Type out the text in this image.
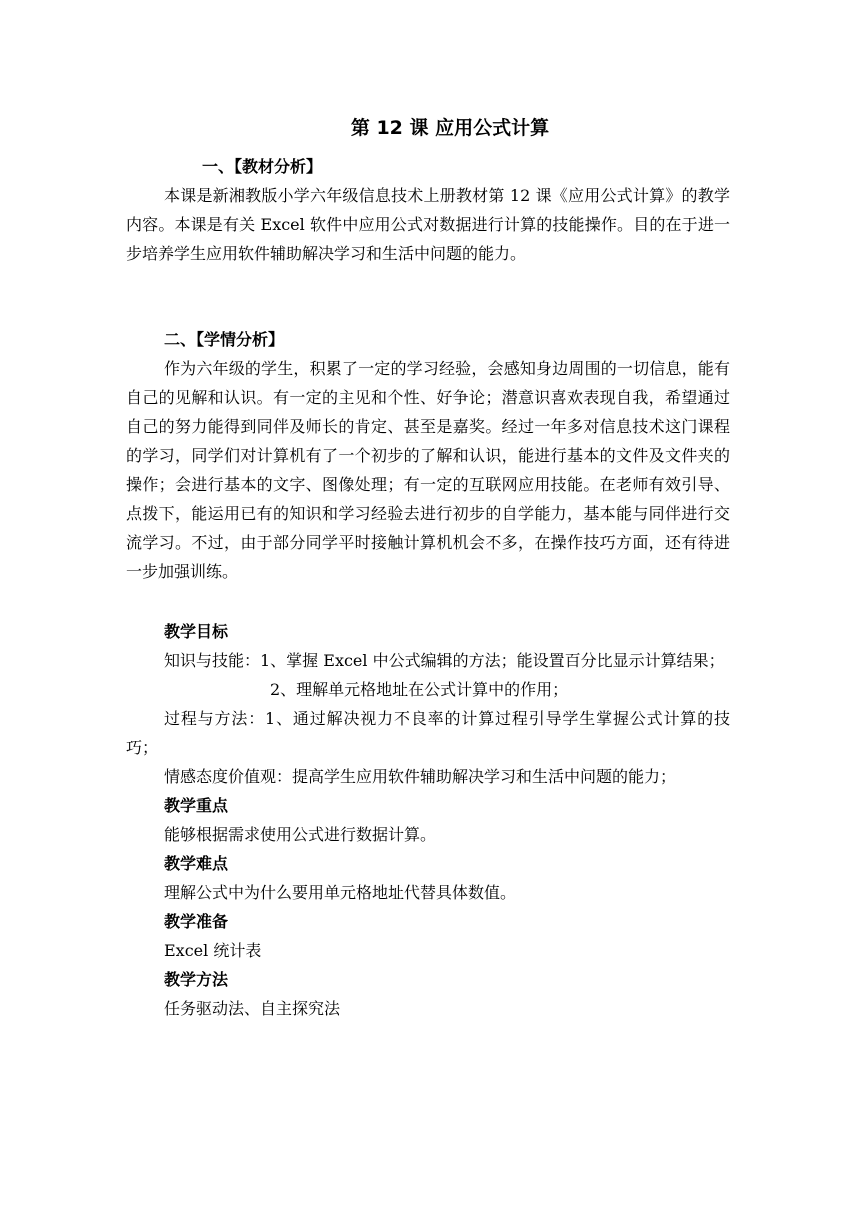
第 12 课 应用公式计算
一、【教材分析】

本课是新湘教版小学六年级信息技术上册教材第 12 课《应用公式计算》的教学内容。本课是有关 Excel 软件中应用公式对数据进行计算的技能操作。目的在于进一步培养学生应用软件辅助解决学习和生活中问题的能力。

二、【学情分析】

作为六年级的学生，积累了一定的学习经验，会感知身边周围的一切信息，能有自己的见解和认识。有一定的主见和个性、好争论；潜意识喜欢表现自我，希望通过自己的努力能得到同伴及师长的肯定、甚至是嘉奖。经过一年多对信息技术这门课程的学习，同学们对计算机有了一个初步的了解和认识，能进行基本的文件及文件夹的操作；会进行基本的文字、图像处理；有一定的互联网应用技能。在老师有效引导、点拨下，能运用已有的知识和学习经验去进行初步的自学能力，基本能与同伴进行交流学习。不过，由于部分同学平时接触计算机机会不多，在操作技巧方面，还有待进一步加强训练。

教学目标

知识与技能：1、掌握 Excel 中公式编辑的方法；能设置百分比显示计算结果；

2、理解单元格地址在公式计算中的作用；

过程与方法：1、通过解决视力不良率的计算过程引导学生掌握公式计算的技巧；

情感态度价值观：提高学生应用软件辅助解决学习和生活中问题的能力；
教学重点
能够根据需求使用公式进行数据计算。
教学难点
理解公式中为什么要用单元格地址代替具体数值。
教学准备
Excel 统计表
教学方法
任务驱动法、自主探究法
